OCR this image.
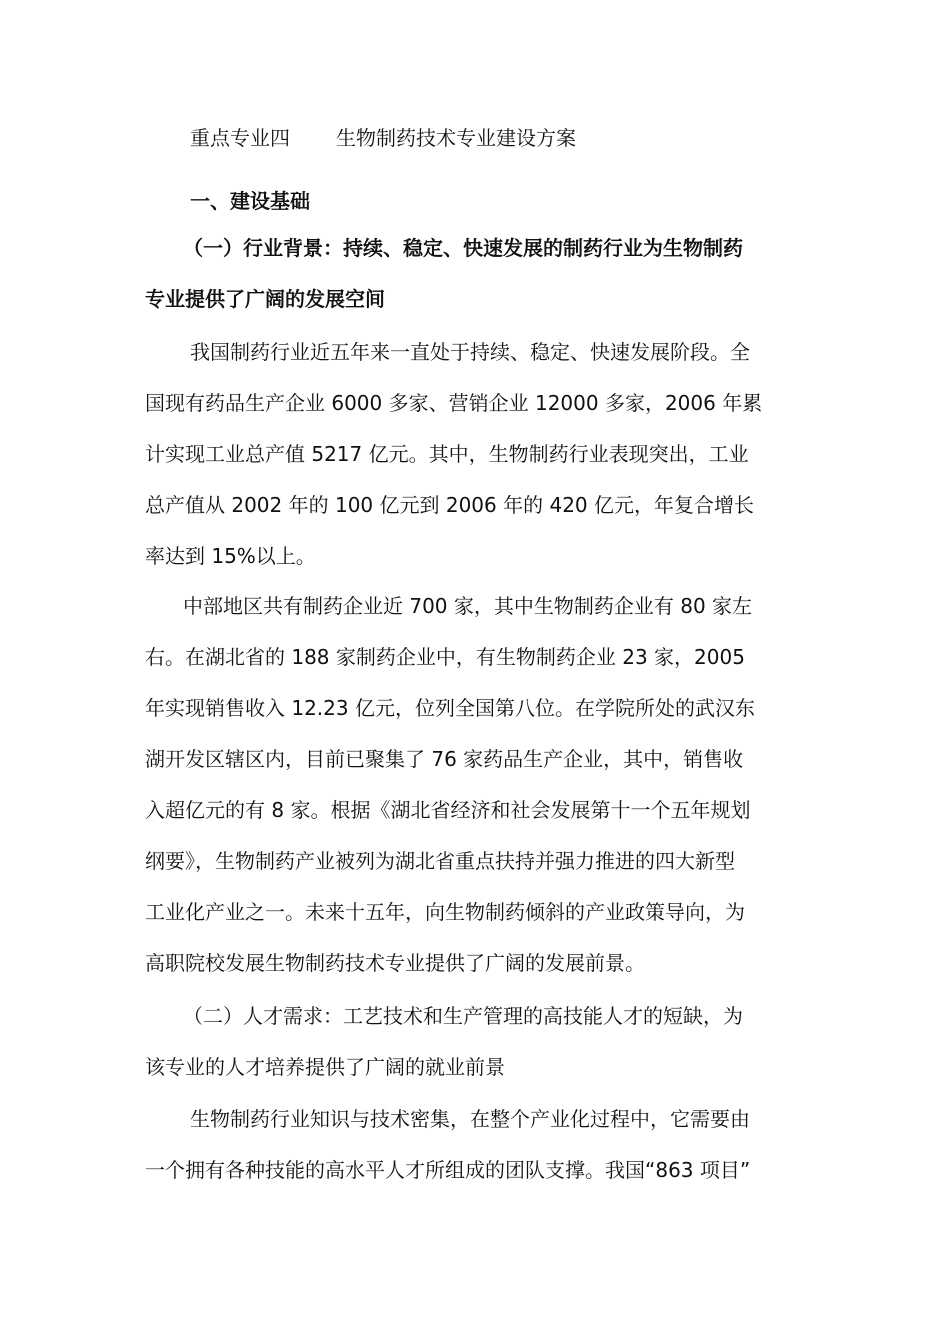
重点专业四 生物制药技术专业建设方案
一、建设基础
（一）行业背景：持续、稳定、快速发展的制药行业为生物制药
专业提供了广阔的发展空间
我国制药行业近五年来一直处于持续、稳定、快速发展阶段。全
国现有药品生产企业 6000 多家、营销企业 12000 多家，2006 年累
计实现工业总产值 5217 亿元。其中，生物制药行业表现突出，工业
总产值从 2002 年的 100 亿元到 2006 年的 420 亿元，年复合增长
率达到 15%以上。
中部地区共有制药企业近 700 家，其中生物制药企业有 80 家左
右。在湖北省的 188 家制药企业中，有生物制药企业 23 家，2005
年实现销售收入 12.23 亿元，位列全国第八位。在学院所处的武汉东
湖开发区辖区内，目前已聚集了 76 家药品生产企业，其中，销售收
入超亿元的有 8 家。根据《湖北省经济和社会发展第十一个五年规划
纲要》，生物制药产业被列为湖北省重点扶持并强力推进的四大新型
工业化产业之一。未来十五年，向生物制药倾斜的产业政策导向，为
高职院校发展生物制药技术专业提供了广阔的发展前景。
（二）人才需求：工艺技术和生产管理的高技能人才的短缺，为
该专业的人才培养提供了广阔的就业前景
生物制药行业知识与技术密集，在整个产业化过程中，它需要由
一个拥有各种技能的高水平人才所组成的团队支撑。我国“863 项目”
